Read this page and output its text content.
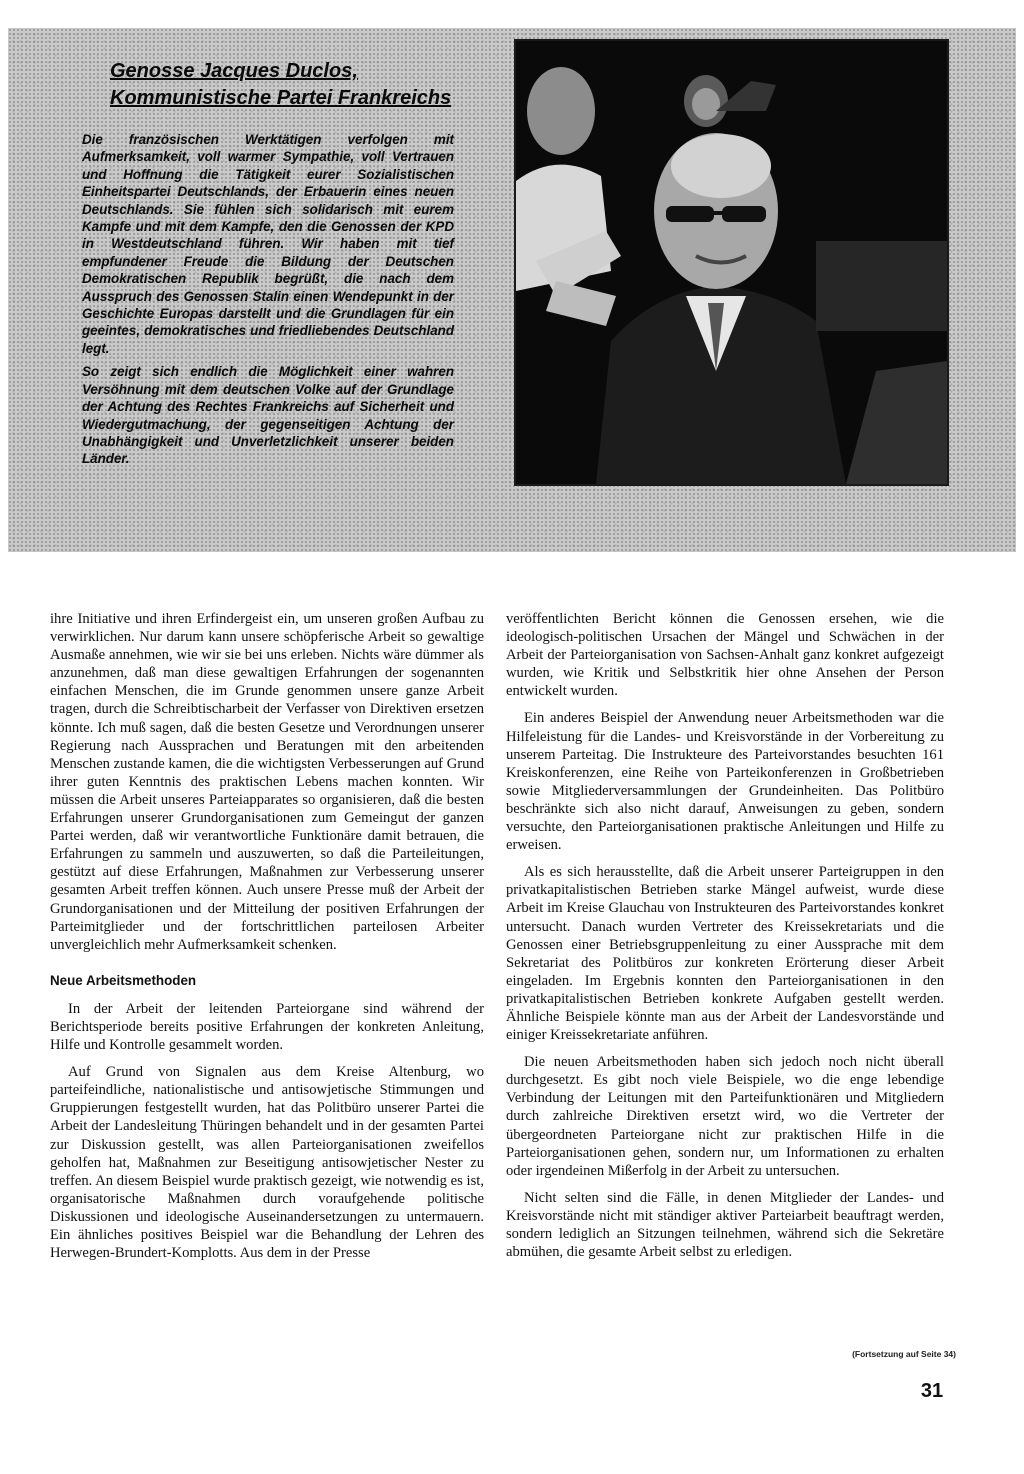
Genosse Jacques Duclos,
Kommunistische Partei Frankreichs

Die französischen Werktätigen verfolgen mit Aufmerksamkeit, voll warmer Sympathie, voll Vertrauen und Hoffnung die Tätigkeit eurer Sozialistischen Einheitspartei Deutschlands, der Erbauerin eines neuen Deutschlands. Sie fühlen sich solidarisch mit eurem Kampfe und mit dem Kampfe, den die Genossen der KPD in Westdeutschland führen. Wir haben mit tief empfundener Freude die Bildung der Deutschen Demokratischen Republik begrüßt, die nach dem Ausspruch des Genossen Stalin einen Wendepunkt in der Geschichte Europas darstellt und die Grundlagen für ein geeintes, demokratisches und friedliebendes Deutschland legt.

So zeigt sich endlich die Möglichkeit einer wahren Versöhnung mit dem deutschen Volke auf der Grundlage der Achtung des Rechtes Frankreichs auf Sicherheit und Wiedergutmachung, der gegenseitigen Achtung der Unabhängigkeit und Unverletzlichkeit unserer beiden Länder.

ihre Initiative und ihren Erfindergeist ein, um unseren großen Aufbau zu verwirklichen. Nur darum kann unsere schöpferische Arbeit so gewaltige Ausmaße annehmen, wie wir sie bei uns erleben. Nichts wäre dümmer als anzunehmen, daß man diese gewaltigen Erfahrungen der sogenannten einfachen Menschen, die im Grunde genommen unsere ganze Arbeit tragen, durch die Schreibtischarbeit der Verfasser von Direktiven ersetzen könnte. Ich muß sagen, daß die besten Gesetze und Verordnungen unserer Regierung nach Aussprachen und Beratungen mit den arbeitenden Menschen zustande kamen, die die wichtigsten Verbesserungen auf Grund ihrer guten Kenntnis des praktischen Lebens machen konnten. Wir müssen die Arbeit unseres Parteiapparates so organisieren, daß die besten Erfahrungen unserer Grundorganisationen zum Gemeingut der ganzen Partei werden, daß wir verantwortliche Funktionäre damit betrauen, die Erfahrungen zu sammeln und auszuwerten, so daß die Parteileitungen, gestützt auf diese Erfahrungen, Maßnahmen zur Verbesserung unserer gesamten Arbeit treffen können. Auch unsere Presse muß der Arbeit der Grundorganisationen und der Mitteilung der positiven Erfahrungen der Parteimitglieder und der fortschrittlichen parteilosen Arbeiter unvergleichlich mehr Aufmerksamkeit schenken.

Neue Arbeitsmethoden

In der Arbeit der leitenden Parteiorgane sind während der Berichtsperiode bereits positive Erfahrungen der konkreten Anleitung, Hilfe und Kontrolle gesammelt worden.

Auf Grund von Signalen aus dem Kreise Altenburg, wo parteifeindliche, nationalistische und antisowjetische Stimmungen und Gruppierungen festgestellt wurden, hat das Politbüro unserer Partei die Arbeit der Landesleitung Thüringen behandelt und in der gesamten Partei zur Diskussion gestellt, was allen Parteiorganisationen zweifellos geholfen hat, Maßnahmen zur Beseitigung antisowjetischer Nester zu treffen. An diesem Beispiel wurde praktisch gezeigt, wie notwendig es ist, organisatorische Maßnahmen durch voraufgehende politische Diskussionen und ideologische Auseinandersetzungen zu untermauern. Ein ähnliches positives Beispiel war die Behandlung der Lehren des Herwegen-Brundert-Komplotts. Aus dem in der Presse

veröffentlichten Bericht können die Genossen ersehen, wie die ideologisch-politischen Ursachen der Mängel und Schwächen in der Arbeit der Parteiorganisation von Sachsen-Anhalt ganz konkret aufgezeigt wurden, wie Kritik und Selbstkritik hier ohne Ansehen der Person entwickelt wurden.

Ein anderes Beispiel der Anwendung neuer Arbeitsmethoden war die Hilfeleistung für die Landes- und Kreisvorstände in der Vorbereitung zu unserem Parteitag. Die Instrukteure des Parteivorstandes besuchten 161 Kreiskonferenzen, eine Reihe von Parteikonferenzen in Großbetrieben sowie Mitgliederversammlungen der Grundeinheiten. Das Politbüro beschränkte sich also nicht darauf, Anweisungen zu geben, sondern versuchte, den Parteiorganisationen praktische Anleitungen und Hilfe zu erweisen.

Als es sich herausstellte, daß die Arbeit unserer Parteigruppen in den privatkapitalistischen Betrieben starke Mängel aufweist, wurde diese Arbeit im Kreise Glauchau von Instrukteuren des Parteivorstandes konkret untersucht. Danach wurden Vertreter des Kreissekretariats und die Genossen einer Betriebsgruppenleitung zu einer Aussprache mit dem Sekretariat des Politbüros zur konkreten Erörterung dieser Arbeit eingeladen. Im Ergebnis konnten den Parteiorganisationen in den privatkapitalistischen Betrieben konkrete Aufgaben gestellt werden. Ähnliche Beispiele könnte man aus der Arbeit der Landesvorstände und einiger Kreissekretariate anführen.

Die neuen Arbeitsmethoden haben sich jedoch noch nicht überall durchgesetzt. Es gibt noch viele Beispiele, wo die enge lebendige Verbindung der Leitungen mit den Parteifunktionären und Mitgliedern durch zahlreiche Direktiven ersetzt wird, wo die Vertreter der übergeordneten Parteiorgane nicht zur praktischen Hilfe in die Parteiorganisationen gehen, sondern nur, um Informationen zu erhalten oder irgendeinen Mißerfolg in der Arbeit zu untersuchen.

Nicht selten sind die Fälle, in denen Mitglieder der Landes- und Kreisvorstände nicht mit ständiger aktiver Parteiarbeit beauftragt werden, sondern lediglich an Sitzungen teilnehmen, während sich die Sekretäre abmühen, die gesamte Arbeit selbst zu erledigen.

(Fortsetzung auf Seite 34)
31
